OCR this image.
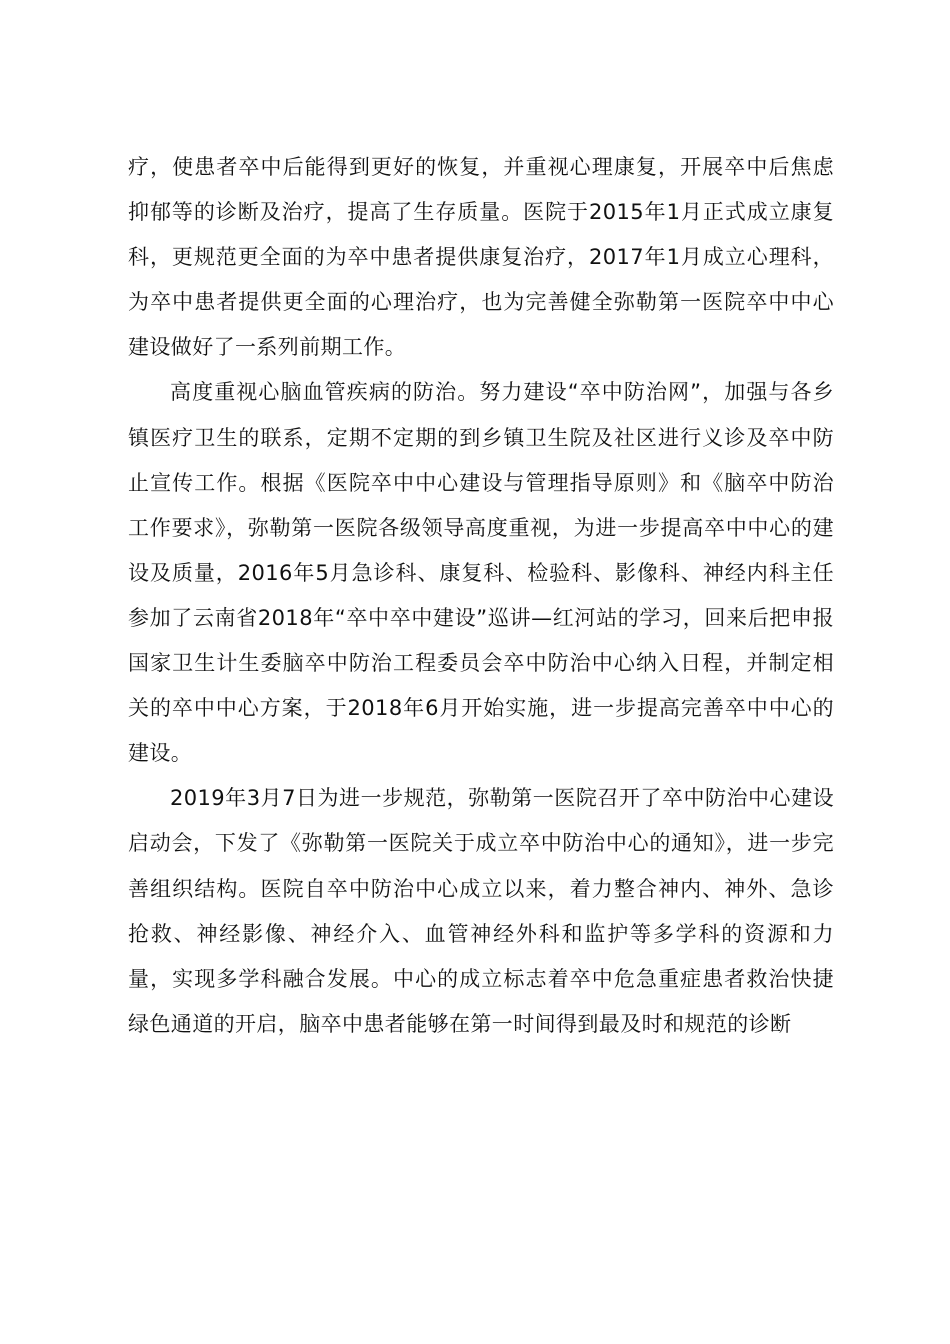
疗，使患者卒中后能得到更好的恢复，并重视心理康复，开展卒中后焦虑抑郁等的诊断及治疗，提高了生存质量。医院于2015年1月正式成立康复科，更规范更全面的为卒中患者提供康复治疗，2017年1月成立心理科，为卒中患者提供更全面的心理治疗，也为完善健全弥勒第一医院卒中中心建设做好了一系列前期工作。

高度重视心脑血管疾病的防治。努力建设“卒中防治网”，加强与各乡镇医疗卫生的联系，定期不定期的到乡镇卫生院及社区进行义诊及卒中防止宣传工作。根据《医院卒中中心建设与管理指导原则》和《脑卒中防治工作要求》，弥勒第一医院各级领导高度重视，为进一步提高卒中中心的建设及质量，2016年5月急诊科、康复科、检验科、影像科、神经内科主任参加了云南省2018年“卒中卒中建设”巡讲—红河站的学习，回来后把申报国家卫生计生委脑卒中防治工程委员会卒中防治中心纳入日程，并制定相关的卒中中心方案，于2018年6月开始实施，进一步提高完善卒中中心的建设。

2019年3月7日为进一步规范，弥勒第一医院召开了卒中防治中心建设启动会，下发了《弥勒第一医院关于成立卒中防治中心的通知》，进一步完善组织结构。医院自卒中防治中心成立以来，着力整合神内、神外、急诊抢救、神经影像、神经介入、血管神经外科和监护等多学科的资源和力量，实现多学科融合发展。中心的成立标志着卒中危急重症患者救治快捷绿色通道的开启，脑卒中患者能够在第一时间得到最及时和规范的诊断
